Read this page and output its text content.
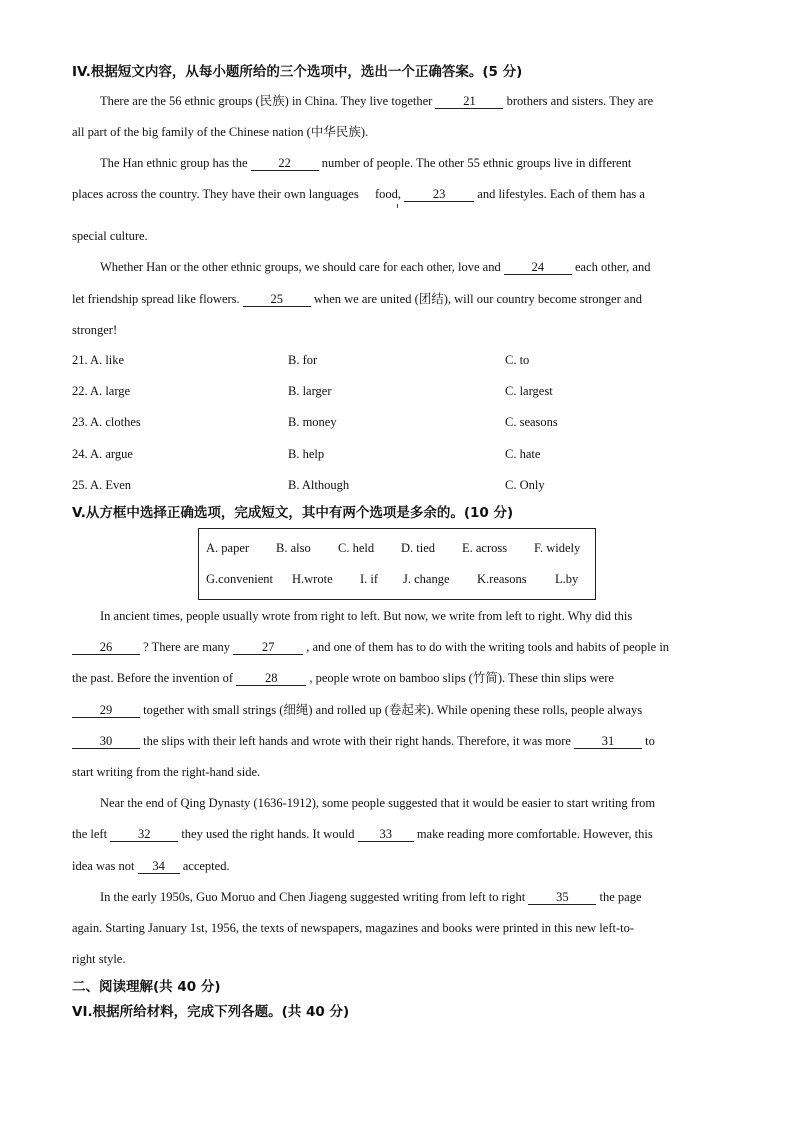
IV.根据短文内容，从每小题所给的三个选项中，选出一个正确答案。(5 分)
There are the 56 ethnic groups (民族) in China. They live together 21 brothers and sisters. They are
all part of the big family of the Chinese nation (中华民族).
The Han ethnic group has the 22 number of people. The other 55 ethnic groups live in different
places across the country. They have their own languages food,	23	and lifestyles. Each of them has a
special culture.
Whether Han or the other ethnic groups, we should care for each other, love and 24 each other, and
let friendship spread like flowers. 25 when we are united (团结), will our country become stronger and
stronger!
21. A. like	B. for	C. to
22. A. large	B. larger	C. largest
23. A. clothes	B. money	C. seasons
24. A. argue	B. help	C. hate
25. A. Even	B. Although	C. Only
V.从方框中选择正确选项，完成短文，其中有两个选项是多余的。(10 分)
A. paper B. also C. held D. tied E. across F. widely
G.convenient H.wrote I. if J. change K.reasons L.by
In ancient times, people usually wrote from right to left. But now, we write from left to right. Why did this
26 ? There are many	27	, and one of them has to do with the writing tools and habits of people in
the past. Before the invention of	28	, people wrote on bamboo slips (竹简). These thin slips were
29 together with small strings (细绳) and rolled up (卷起来). While opening these rolls, people always
30 the slips with their left hands and wrote with their right hands. Therefore, it was more 31 to
start writing from the right-hand side.
Near the end of Qing Dynasty (1636-1912), some people suggested that it would be easier to start writing from
the left 32 they used the right hands. It would 33 make reading more comfortable. However, this
idea was not 34 accepted.
In the early 1950s, Guo Moruo and Chen Jiageng suggested writing from left to right 35 the page
again. Starting January 1st, 1956, the texts of newspapers, magazines and books were printed in this new left-to-
right style.
二、阅读理解(共 40 分)
VI.根据所给材料，完成下列各题。(共 40 分)
